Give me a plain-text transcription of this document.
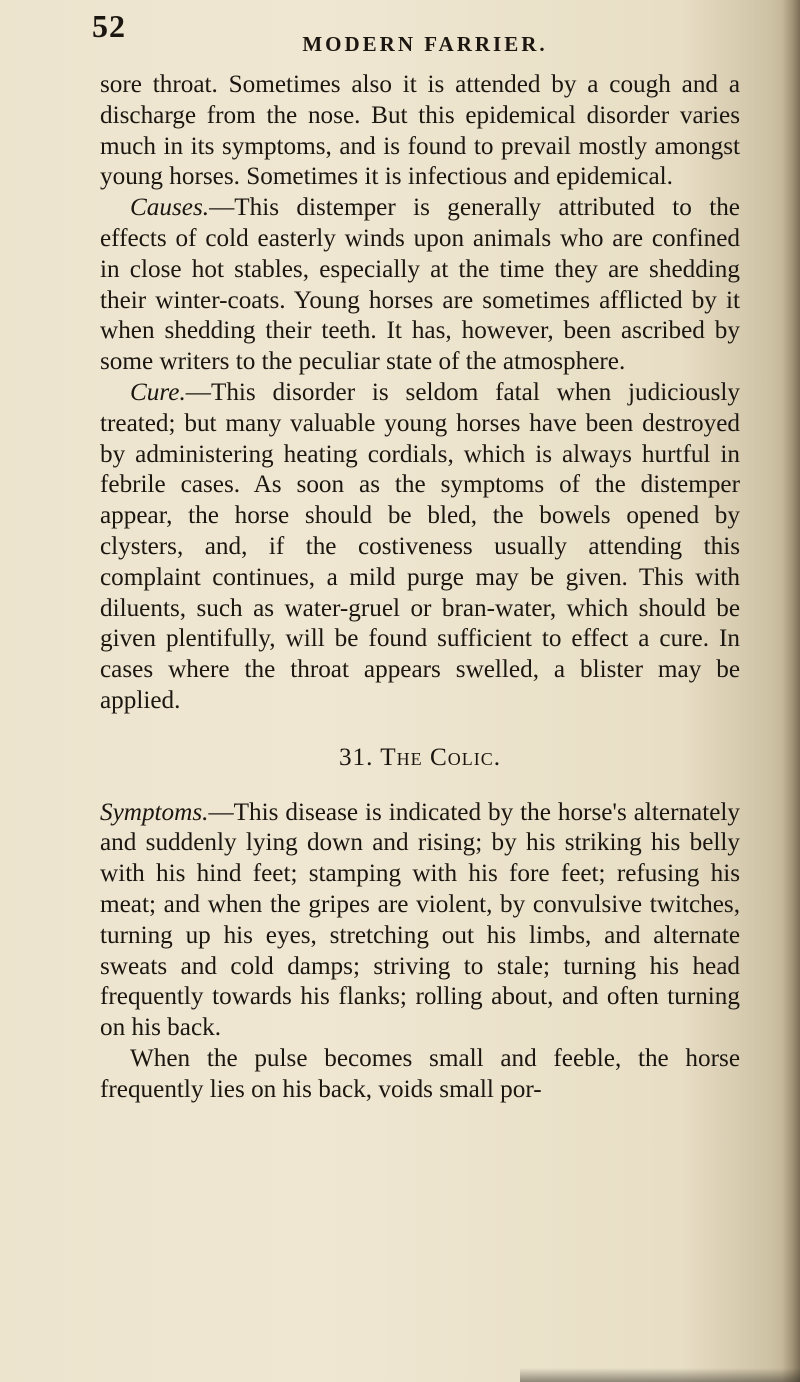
52	MODERN FARRIER.

sore throat. Sometimes also it is attended by a cough and a discharge from the nose. But this epidemical disorder varies much in its symptoms, and is found to prevail mostly amongst young horses. Sometimes it is infectious and epidemical.

Causes.—This distemper is generally attributed to the effects of cold easterly winds upon animals who are confined in close hot stables, especially at the time they are shedding their winter-coats. Young horses are sometimes afflicted by it when shedding their teeth. It has, however, been ascribed by some writers to the peculiar state of the atmosphere.

Cure.—This disorder is seldom fatal when judiciously treated; but many valuable young horses have been destroyed by administering heating cordials, which is always hurtful in febrile cases. As soon as the symptoms of the distemper appear, the horse should be bled, the bowels opened by clysters, and, if the costiveness usually attending this complaint continues, a mild purge may be given. This with diluents, such as water-gruel or bran-water, which should be given plentifully, will be found sufficient to effect a cure. In cases where the throat appears swelled, a blister may be applied.

31. The Colic.

Symptoms.—This disease is indicated by the horse's alternately and suddenly lying down and rising; by his striking his belly with his hind feet; stamping with his fore feet; refusing his meat; and when the gripes are violent, by convulsive twitches, turning up his eyes, stretching out his limbs, and alternate sweats and cold damps; striving to stale; turning his head frequently towards his flanks; rolling about, and often turning on his back.

When the pulse becomes small and feeble, the horse frequently lies on his back, voids small por-
